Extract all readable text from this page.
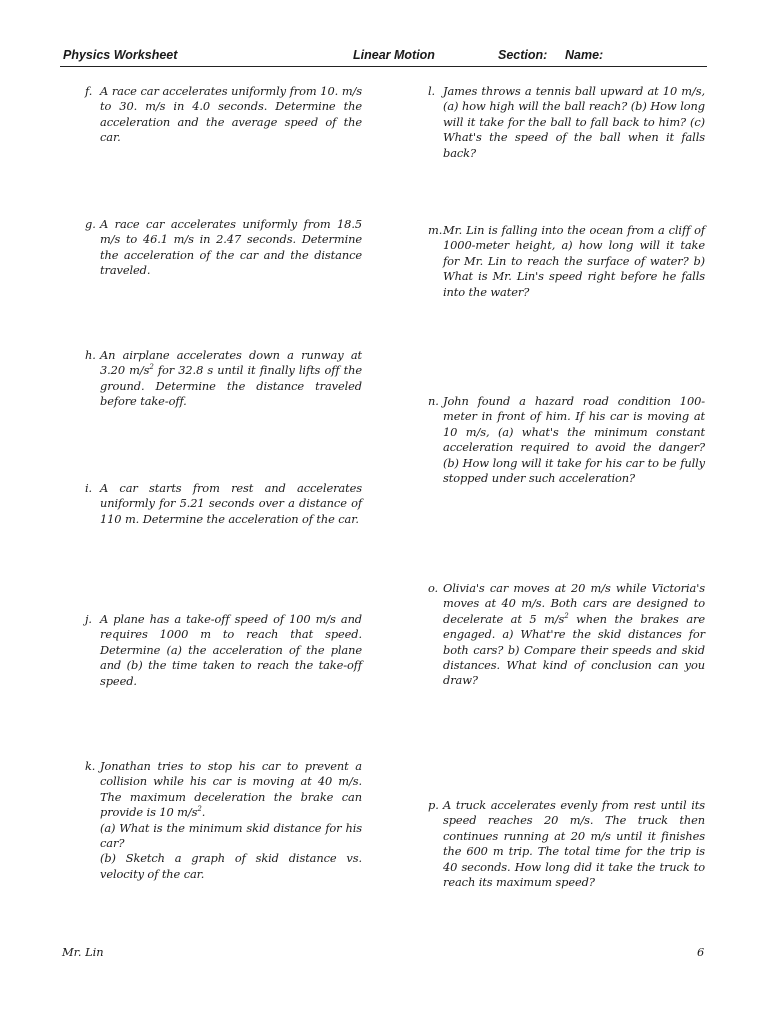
Physics Worksheet	Linear Motion	Section: Name:
f. A race car accelerates uniformly from 10. m/s to 30. m/s in 4.0 seconds. Determine the acceleration and the average speed of the car.
g. A race car accelerates uniformly from 18.5 m/s to 46.1 m/s in 2.47 seconds. Determine the acceleration of the car and the distance traveled.
h. An airplane accelerates down a runway at 3.20 $m/s^2$ for 32.8 s until it finally lifts off the ground. Determine the distance traveled before take-off.
i. A car starts from rest and accelerates uniformly for 5.21 seconds over a distance of 110 m. Determine the acceleration of the car.
j. A plane has a take-off speed of 100 m/s and requires 1000 m to reach that speed. Determine (a) the acceleration of the plane and (b) the time taken to reach the take-off speed.
k. Jonathan tries to stop his car to prevent a collision while his car is moving at 40 m/s. The maximum deceleration the brake can provide is 10 $m/s^2$.
(a) What is the minimum skid distance for his car?
(b) Sketch a graph of skid distance vs. velocity of the car.
l. James throws a tennis ball upward at 10 m/s, (a) how high will the ball reach? (b) How long will it take for the ball to fall back to him? (c) What's the speed of the ball when it falls back?
m. Mr. Lin is falling into the ocean from a cliff of 1000-meter height, a) how long will it take for Mr. Lin to reach the surface of water? b) What is Mr. Lin's speed right before he falls into the water?
n. John found a hazard road condition 100-meter in front of him. If his car is moving at 10 m/s, (a) what's the minimum constant acceleration required to avoid the danger? (b) How long will it take for his car to be fully stopped under such acceleration?
o. Olivia's car moves at 20 m/s while Victoria's moves at 40 m/s. Both cars are designed to decelerate at 5 $m/s^2$ when the brakes are engaged. a) What're the skid distances for both cars? b) Compare their speeds and skid distances. What kind of conclusion can you draw?
p. A truck accelerates evenly from rest until its speed reaches 20 m/s. The truck then continues running at 20 m/s until it finishes the 600 m trip. The total time for the trip is 40 seconds. How long did it take the truck to reach its maximum speed?
Mr. Lin	6
